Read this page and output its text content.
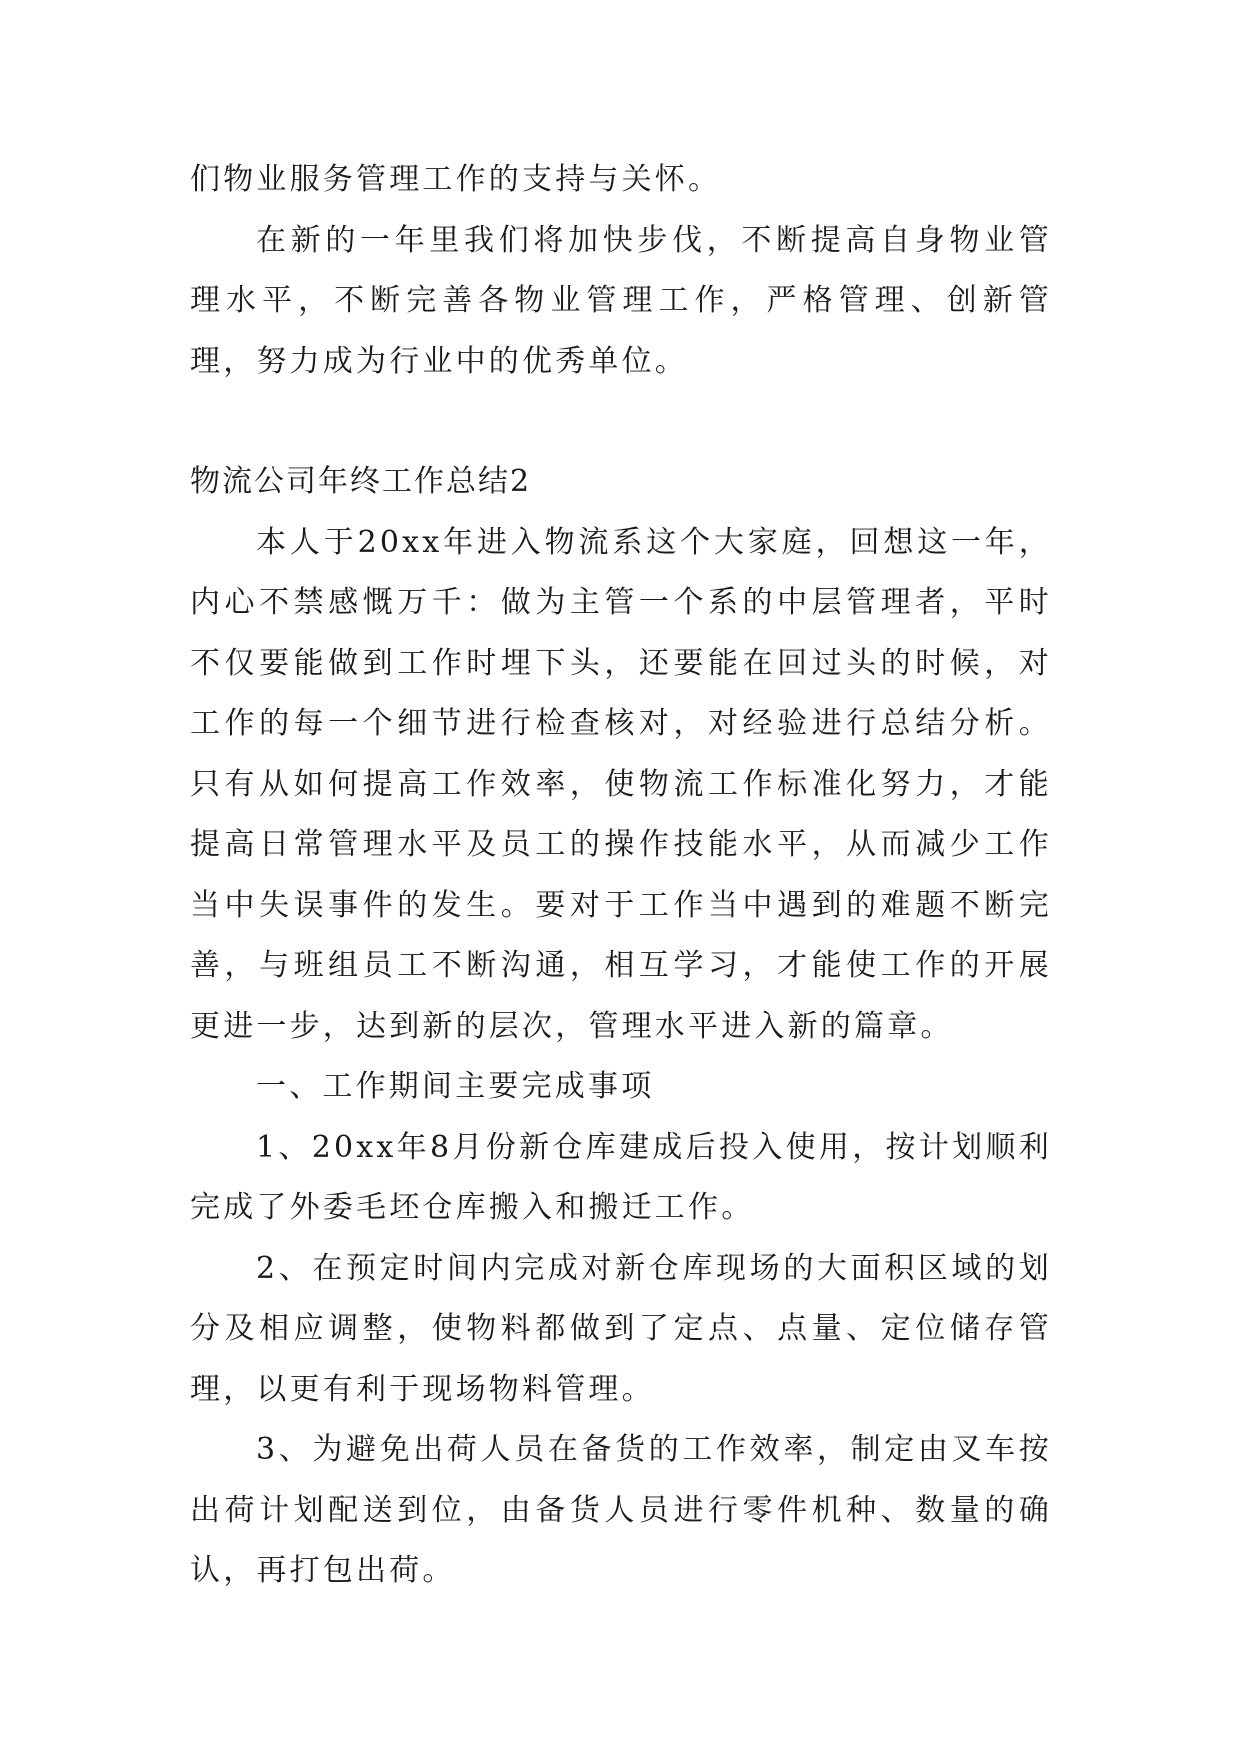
们物业服务管理工作的支持与关怀。

在新的一年里我们将加快步伐，不断提高自身物业管理水平，不断完善各物业管理工作，严格管理、创新管理，努力成为行业中的优秀单位。

物流公司年终工作总结2

本人于20xx年进入物流系这个大家庭，回想这一年，内心不禁感慨万千：做为主管一个系的中层管理者，平时不仅要能做到工作时埋下头，还要能在回过头的时候，对工作的每一个细节进行检查核对，对经验进行总结分析。只有从如何提高工作效率，使物流工作标准化努力，才能提高日常管理水平及员工的操作技能水平，从而减少工作当中失误事件的发生。要对于工作当中遇到的难题不断完善，与班组员工不断沟通，相互学习，才能使工作的开展更进一步，达到新的层次，管理水平进入新的篇章。

一、工作期间主要完成事项

1、20xx年8月份新仓库建成后投入使用，按计划顺利完成了外委毛坯仓库搬入和搬迁工作。

2、在预定时间内完成对新仓库现场的大面积区域的划分及相应调整，使物料都做到了定点、点量、定位储存管理，以更有利于现场物料管理。

3、为避免出荷人员在备货的工作效率，制定由叉车按出荷计划配送到位，由备货人员进行零件机种、数量的确认，再打包出荷。
